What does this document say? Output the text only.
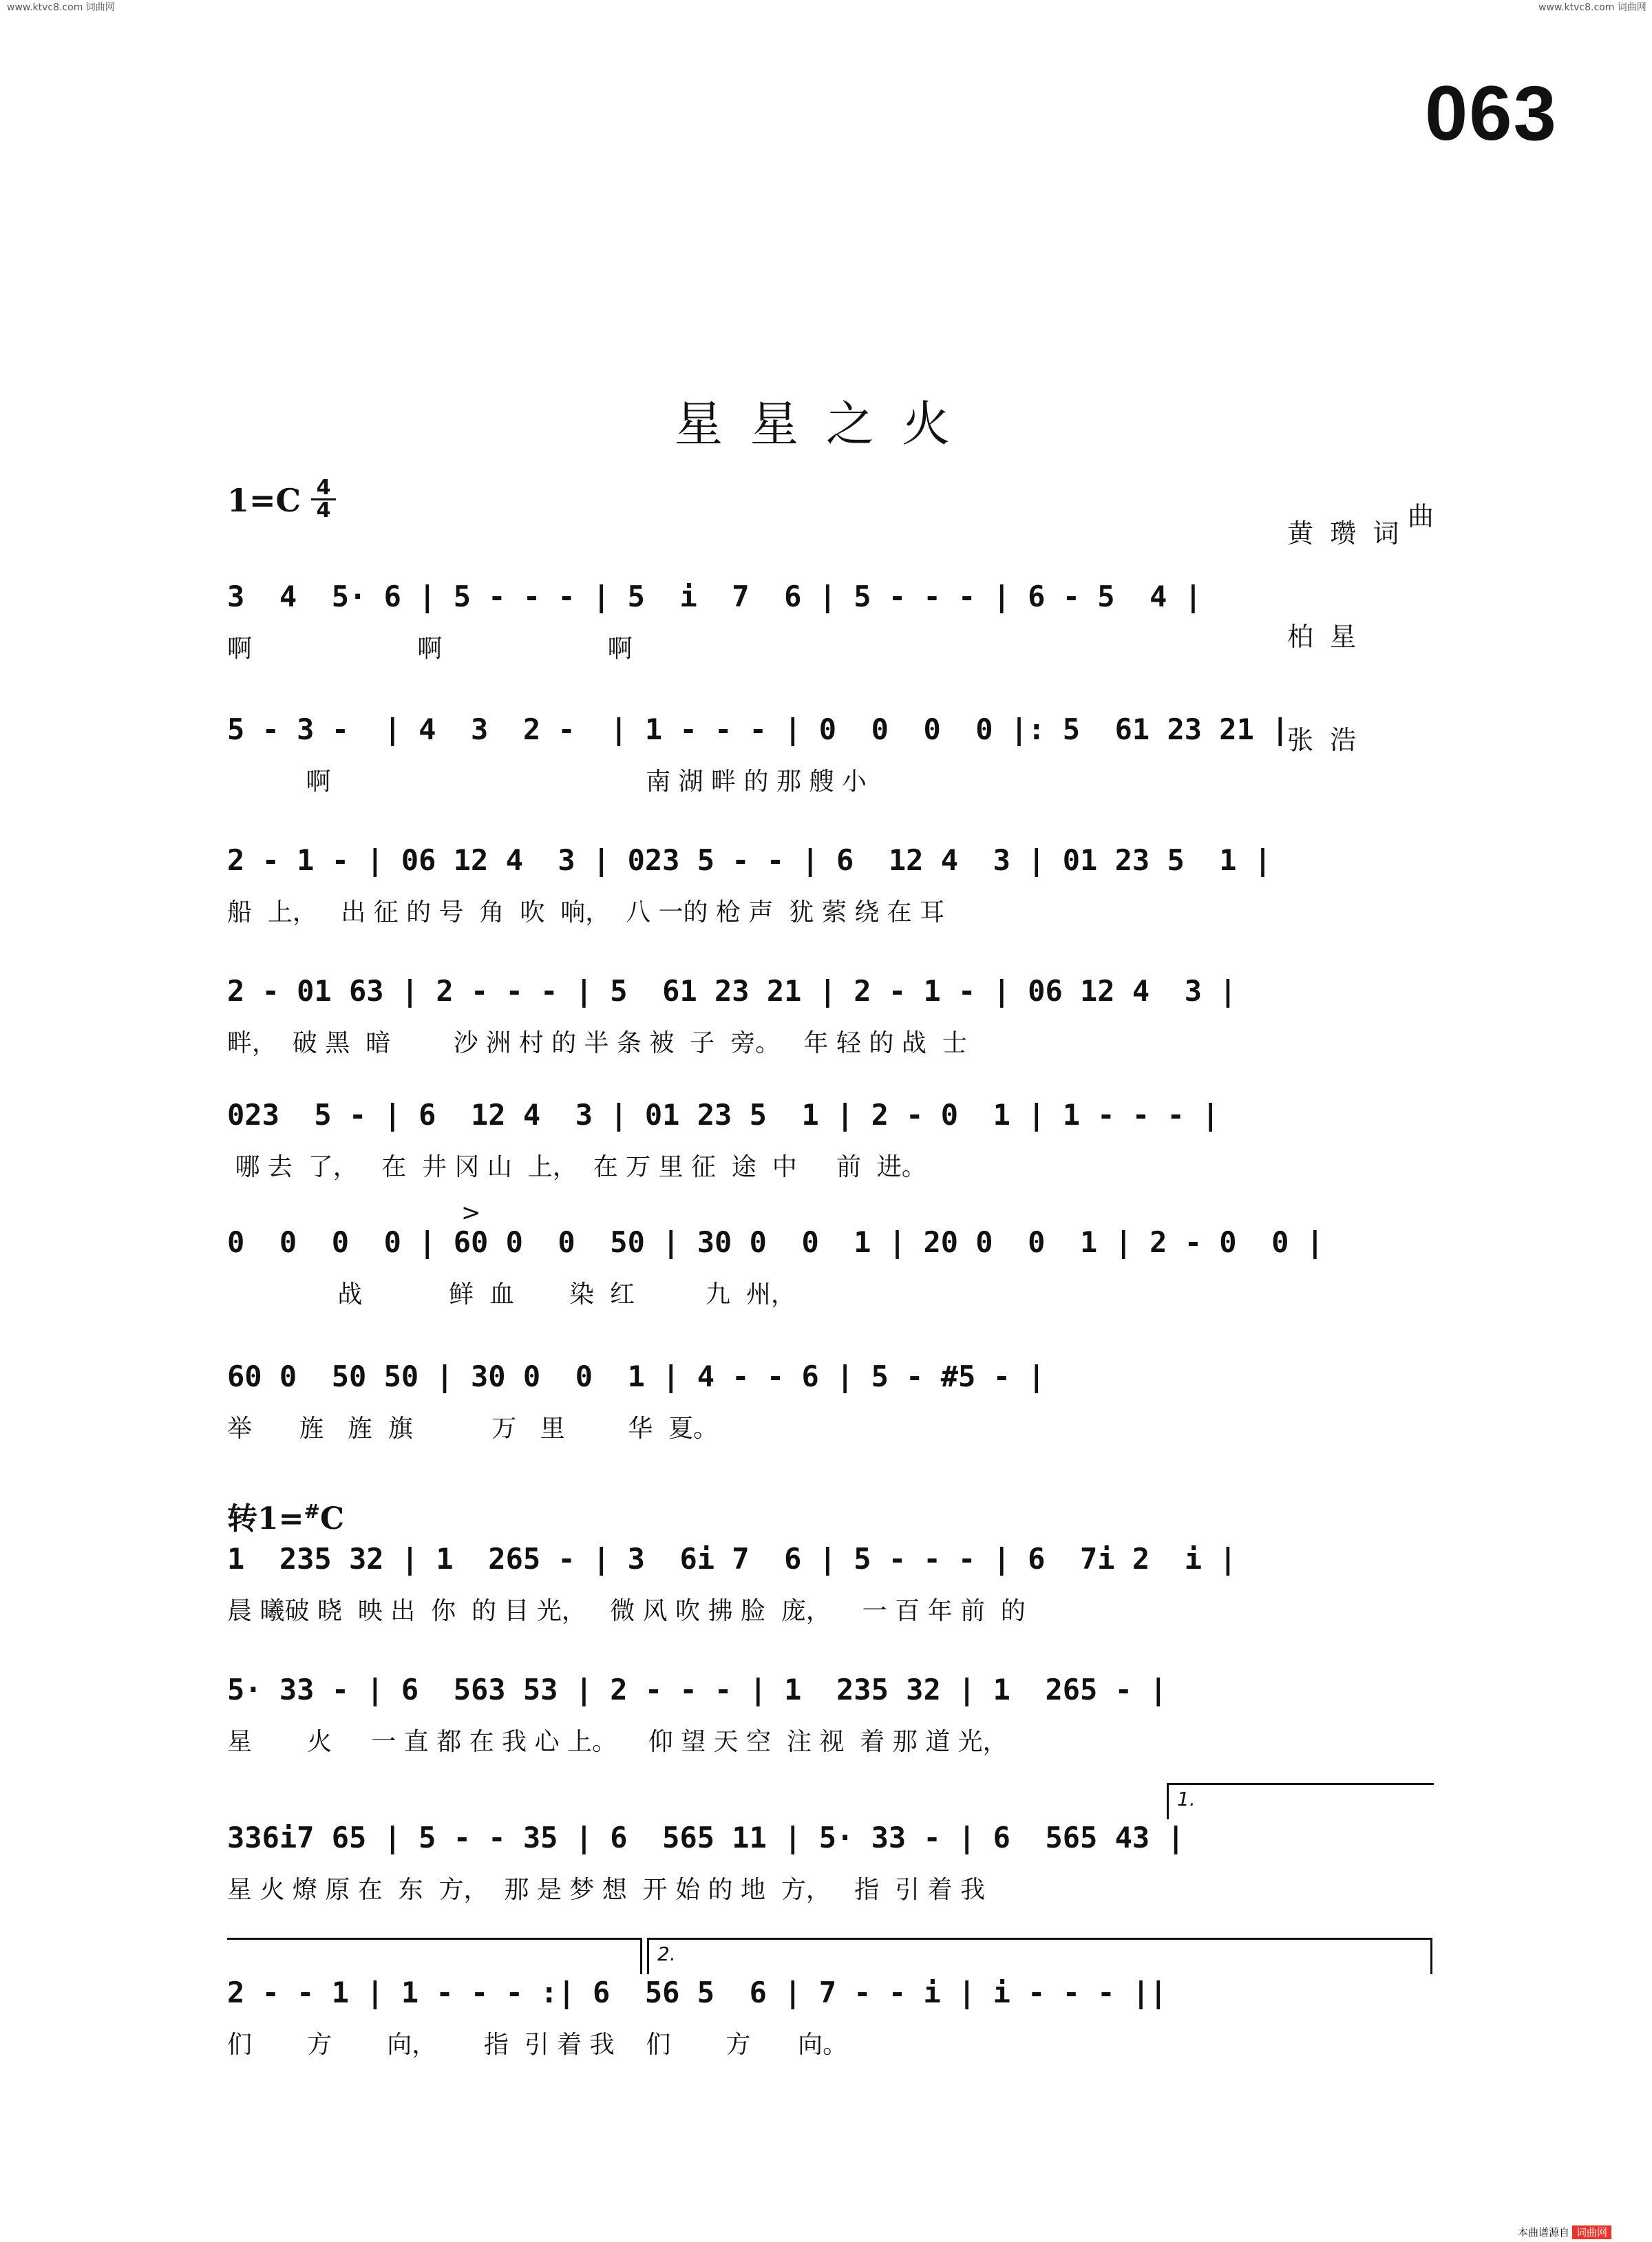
www.ktvc8.com 词曲网	www.ktvc8.com 词曲网
063
星星之火
1=C 4
4

黄  瓒  词

柏  星

张  浩

曲

3  4  5· 6 | 5 - - - | 5  i  7  6 | 5 - - - | 6 - 5  4 |
啊                     啊                     啊
5 - 3 -  | 4  3  2 -  | 1 - - - | 0  0  0  0 |: 5  61 23 21 |
啊                                        南 湖 畔 的 那 艘 小
2 - 1 - | 06 12 4  3 | 023 5 - - | 6  12 4  3 | 01 23 5  1 |
船  上，   出 征 的 号  角  吹  响，  八 一的 枪 声  犹 萦 绕 在 耳
2 - 01 63 | 2 - - - | 5  61 23 21 | 2 - 1 - | 06 12 4  3 |
畔，  破 黑  暗        沙 洲 村 的 半 条 被  子  旁。   年 轻 的 战  士
023  5 - | 6  12 4  3 | 01 23 5  1 | 2 - 0  1 | 1 - - - |
哪 去  了，   在  井 冈 山  上，  在 万 里 征  途  中     前  进。
>
0  0  0  0 | 60 0  0  50 | 30 0  0  1 | 20 0  0  1 | 2 - 0  0 |
战           鲜  血       染  红         九  州，
60 0  50 50 | 30 0  0  1 | 4 - - 6 | 5 - #5 - |
举      旌   旌  旗          万   里        华  夏。
转1=#C
1  235 32 | 1  265 - | 3  6i 7  6 | 5 - - - | 6  7i 2  i |
晨 曦破 晓  映 出  你  的 目 光，   微 风 吹 拂 脸  庞，    一 百 年 前  的
5· 33 - | 6  563 53 | 2 - - - | 1  235 32 | 1  265 - |
星       火     一 直 都 在 我 心 上。    仰 望 天 空  注 视  着 那 道 光，
1.
336i7 65 | 5 - - 35 | 6  565 11 | 5· 33 - | 6  565 43 |
星 火 燎 原 在  东  方，  那 是 梦 想  开 始 的 地  方，   指  引 着 我
2.
2 - - 1 | 1 - - - :| 6  56 5  6 | 7 - - i | i - - - ||
们       方       向，      指  引 着 我    们       方      向。
本曲谱源自 词曲网
